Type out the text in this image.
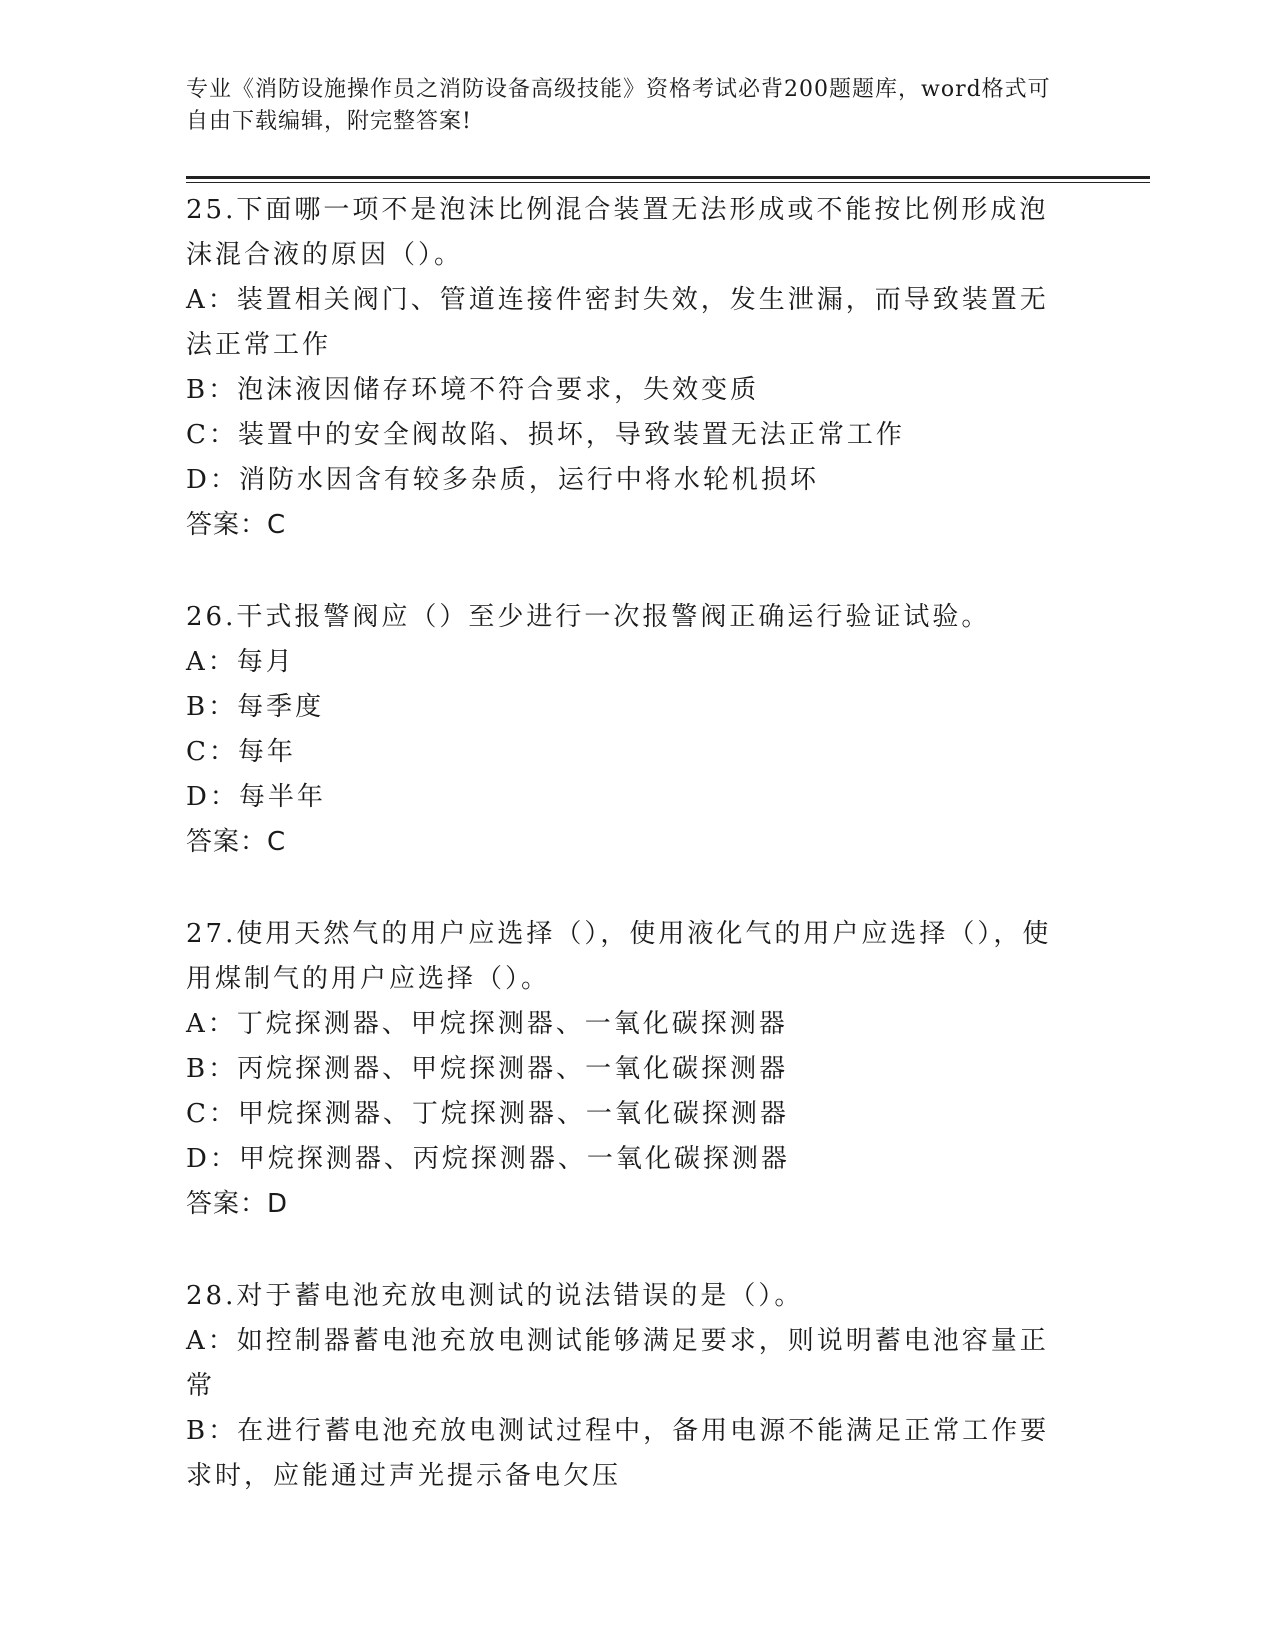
专业《消防设施操作员之消防设备高级技能》资格考试必背200题题库，word格式可自由下载编辑，附完整答案!

25.下面哪一项不是泡沫比例混合装置无法形成或不能按比例形成泡沫混合液的原因（）。

A：装置相关阀门、管道连接件密封失效，发生泄漏，而导致装置无法正常工作

B：泡沫液因储存环境不符合要求，失效变质

C：装置中的安全阀故陷、损坏，导致装置无法正常工作

D：消防水因含有较多杂质，运行中将水轮机损坏

答案：C

26.干式报警阀应（）至少进行一次报警阀正确运行验证试验。

A：每月

B：每季度

C：每年

D：每半年

答案：C

27.使用天然气的用户应选择（），使用液化气的用户应选择（），使用煤制气的用户应选择（）。

A：丁烷探测器、甲烷探测器、一氧化碳探测器

B：丙烷探测器、甲烷探测器、一氧化碳探测器

C：甲烷探测器、丁烷探测器、一氧化碳探测器

D：甲烷探测器、丙烷探测器、一氧化碳探测器

答案：D

28.对于蓄电池充放电测试的说法错误的是（）。

A：如控制器蓄电池充放电测试能够满足要求，则说明蓄电池容量正常

B：在进行蓄电池充放电测试过程中，备用电源不能满足正常工作要求时，应能通过声光提示备电欠压
